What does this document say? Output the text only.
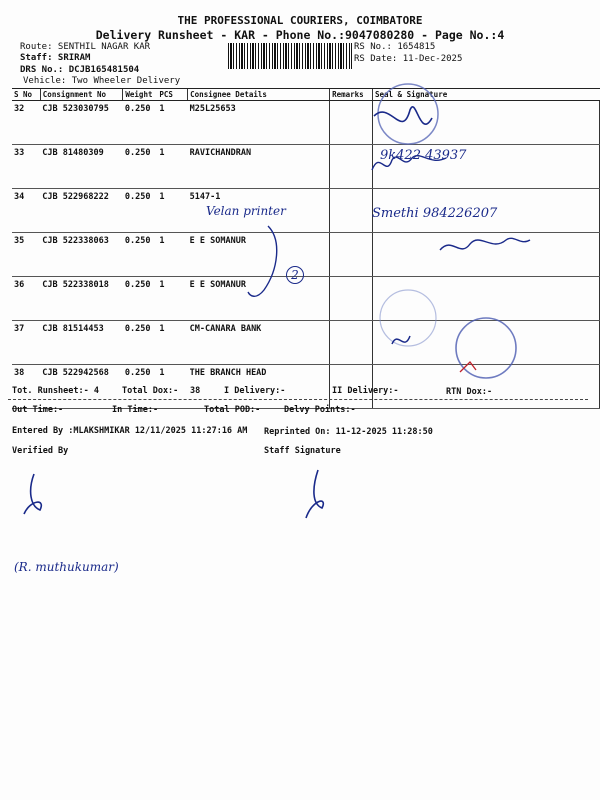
THE PROFESSIONAL COURIERS, COIMBATORE
Delivery Runsheet - KAR - Phone No.:9047080280 - Page No.:4
Route: SENTHIL NAGAR KAR
Staff: SRIRAM
DRS No.: DCJB165481504
Vehicle: Two Wheeler Delivery
RS No.: 1654815
RS Date: 11-Dec-2025
S No	Consignment No	Weight	PCS	Consignee Details	Remarks	Seal & Signature
32	CJB 523030795	0.250	1	M25L25653		
33	CJB 81480309	0.250	1	RAVICHANDRAN		
34	CJB 522968222	0.250	1	5147-1		
35	CJB 522338063	0.250	1	E E SOMANUR		
36	CJB 522338018	0.250	1	E E SOMANUR		
37	CJB 81514453	0.250	1	CM-CANARA BANK		
38	CJB 522942568	0.250	1	THE BRANCH HEAD		
9k422 43937
Velan printer	Smethi 984226207
2
Tot. Runsheet:- 4	Total Dox:- 38	I Delivery:-	II Delivery:-	RTN Dox:-
Out Time:-	In Time:-	Total POD:-	Delvy Points:-
Entered By :MLAKSHMIKAR 12/11/2025 11:27:16 AM Reprinted On: 11-12-2025 11:28:50
Verified By	Staff Signature
(R. muthukumar)
